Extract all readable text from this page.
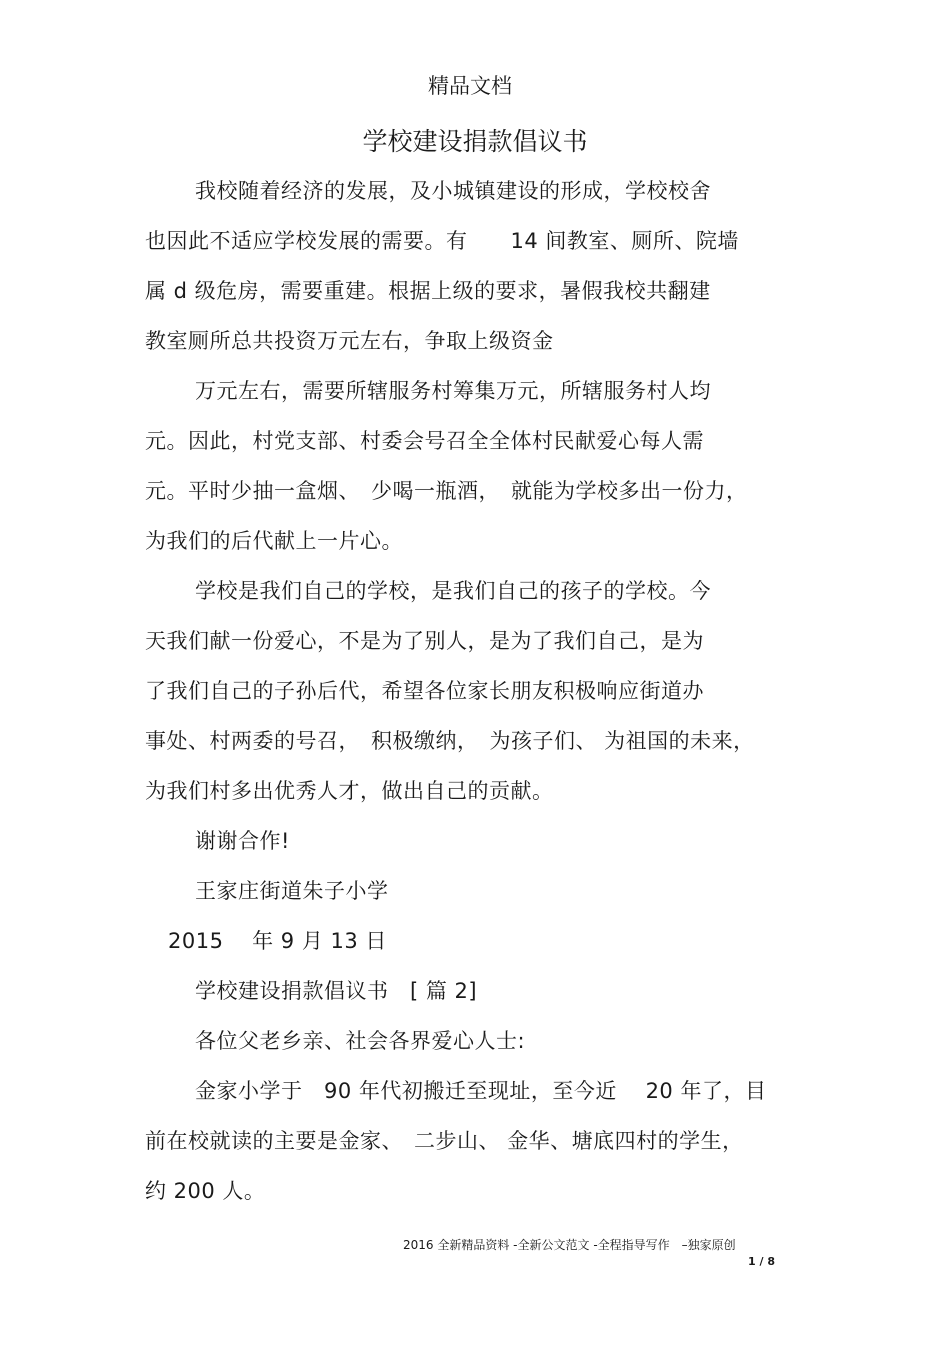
精品文档
学校建设捐款倡议书
我校随着经济的发展，及小城镇建设的形成，学校校舍
也因此不适应学校发展的需要。有　　14 间教室、厕所、院墙
属 d 级危房，需要重建。根据上级的要求，暑假我校共翻建
教室厕所总共投资万元左右，争取上级资金
万元左右，需要所辖服务村筹集万元，所辖服务村人均
元。因此，村党支部、村委会号召全全体村民献爱心每人需
元。平时少抽一盒烟、　少喝一瓶酒，　就能为学校多出一份力，
为我们的后代献上一片心。
学校是我们自己的学校，是我们自己的孩子的学校。今
天我们献一份爱心，不是为了别人，是为了我们自己，是为
了我们自己的子孙后代，希望各位家长朋友积极响应街道办
事处、村两委的号召，　积极缴纳，　为孩子们、 为祖国的未来，
为我们村多出优秀人才，做出自己的贡献。
谢谢合作!
王家庄街道朱子小学
2015　 年 9 月 13 日
学校建设捐款倡议书　[ 篇 2]
各位父老乡亲、社会各界爱心人士:
金家小学于　90 年代初搬迁至现址，至今近　 20 年了，目
前在校就读的主要是金家、　二步山、 金华、塘底四村的学生，
约 200 人。
2016 全新精品资料 -全新公文范文 -全程指导写作　–独家原创
1 / 8
